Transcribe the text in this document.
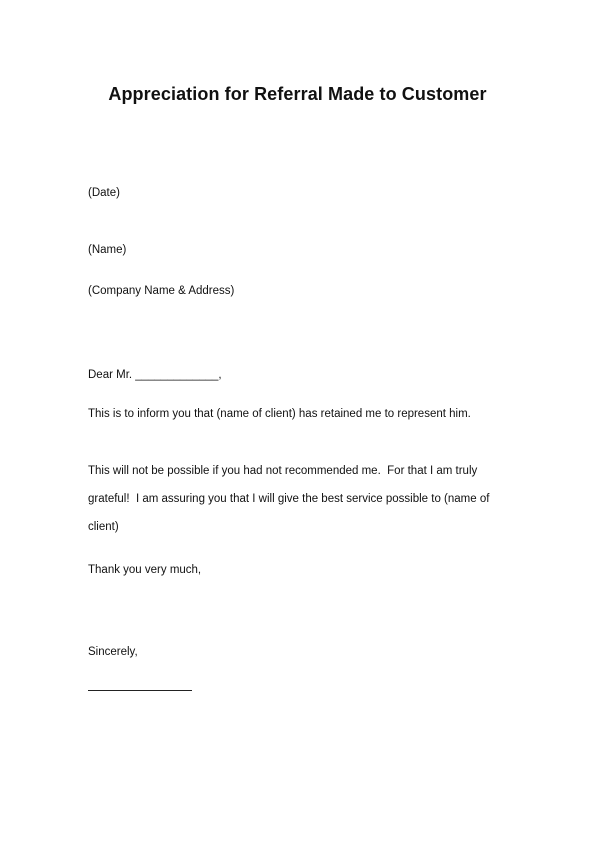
Appreciation for Referral Made to Customer

(Date)

(Name)

(Company Name & Address)

Dear Mr. _____________,

This is to inform you that (name of client) has retained me to represent him.

This will not be possible if you had not recommended me.  For that I am truly
grateful!  I am assuring you that I will give the best service possible to (name of
client)

Thank you very much,

Sincerely,
